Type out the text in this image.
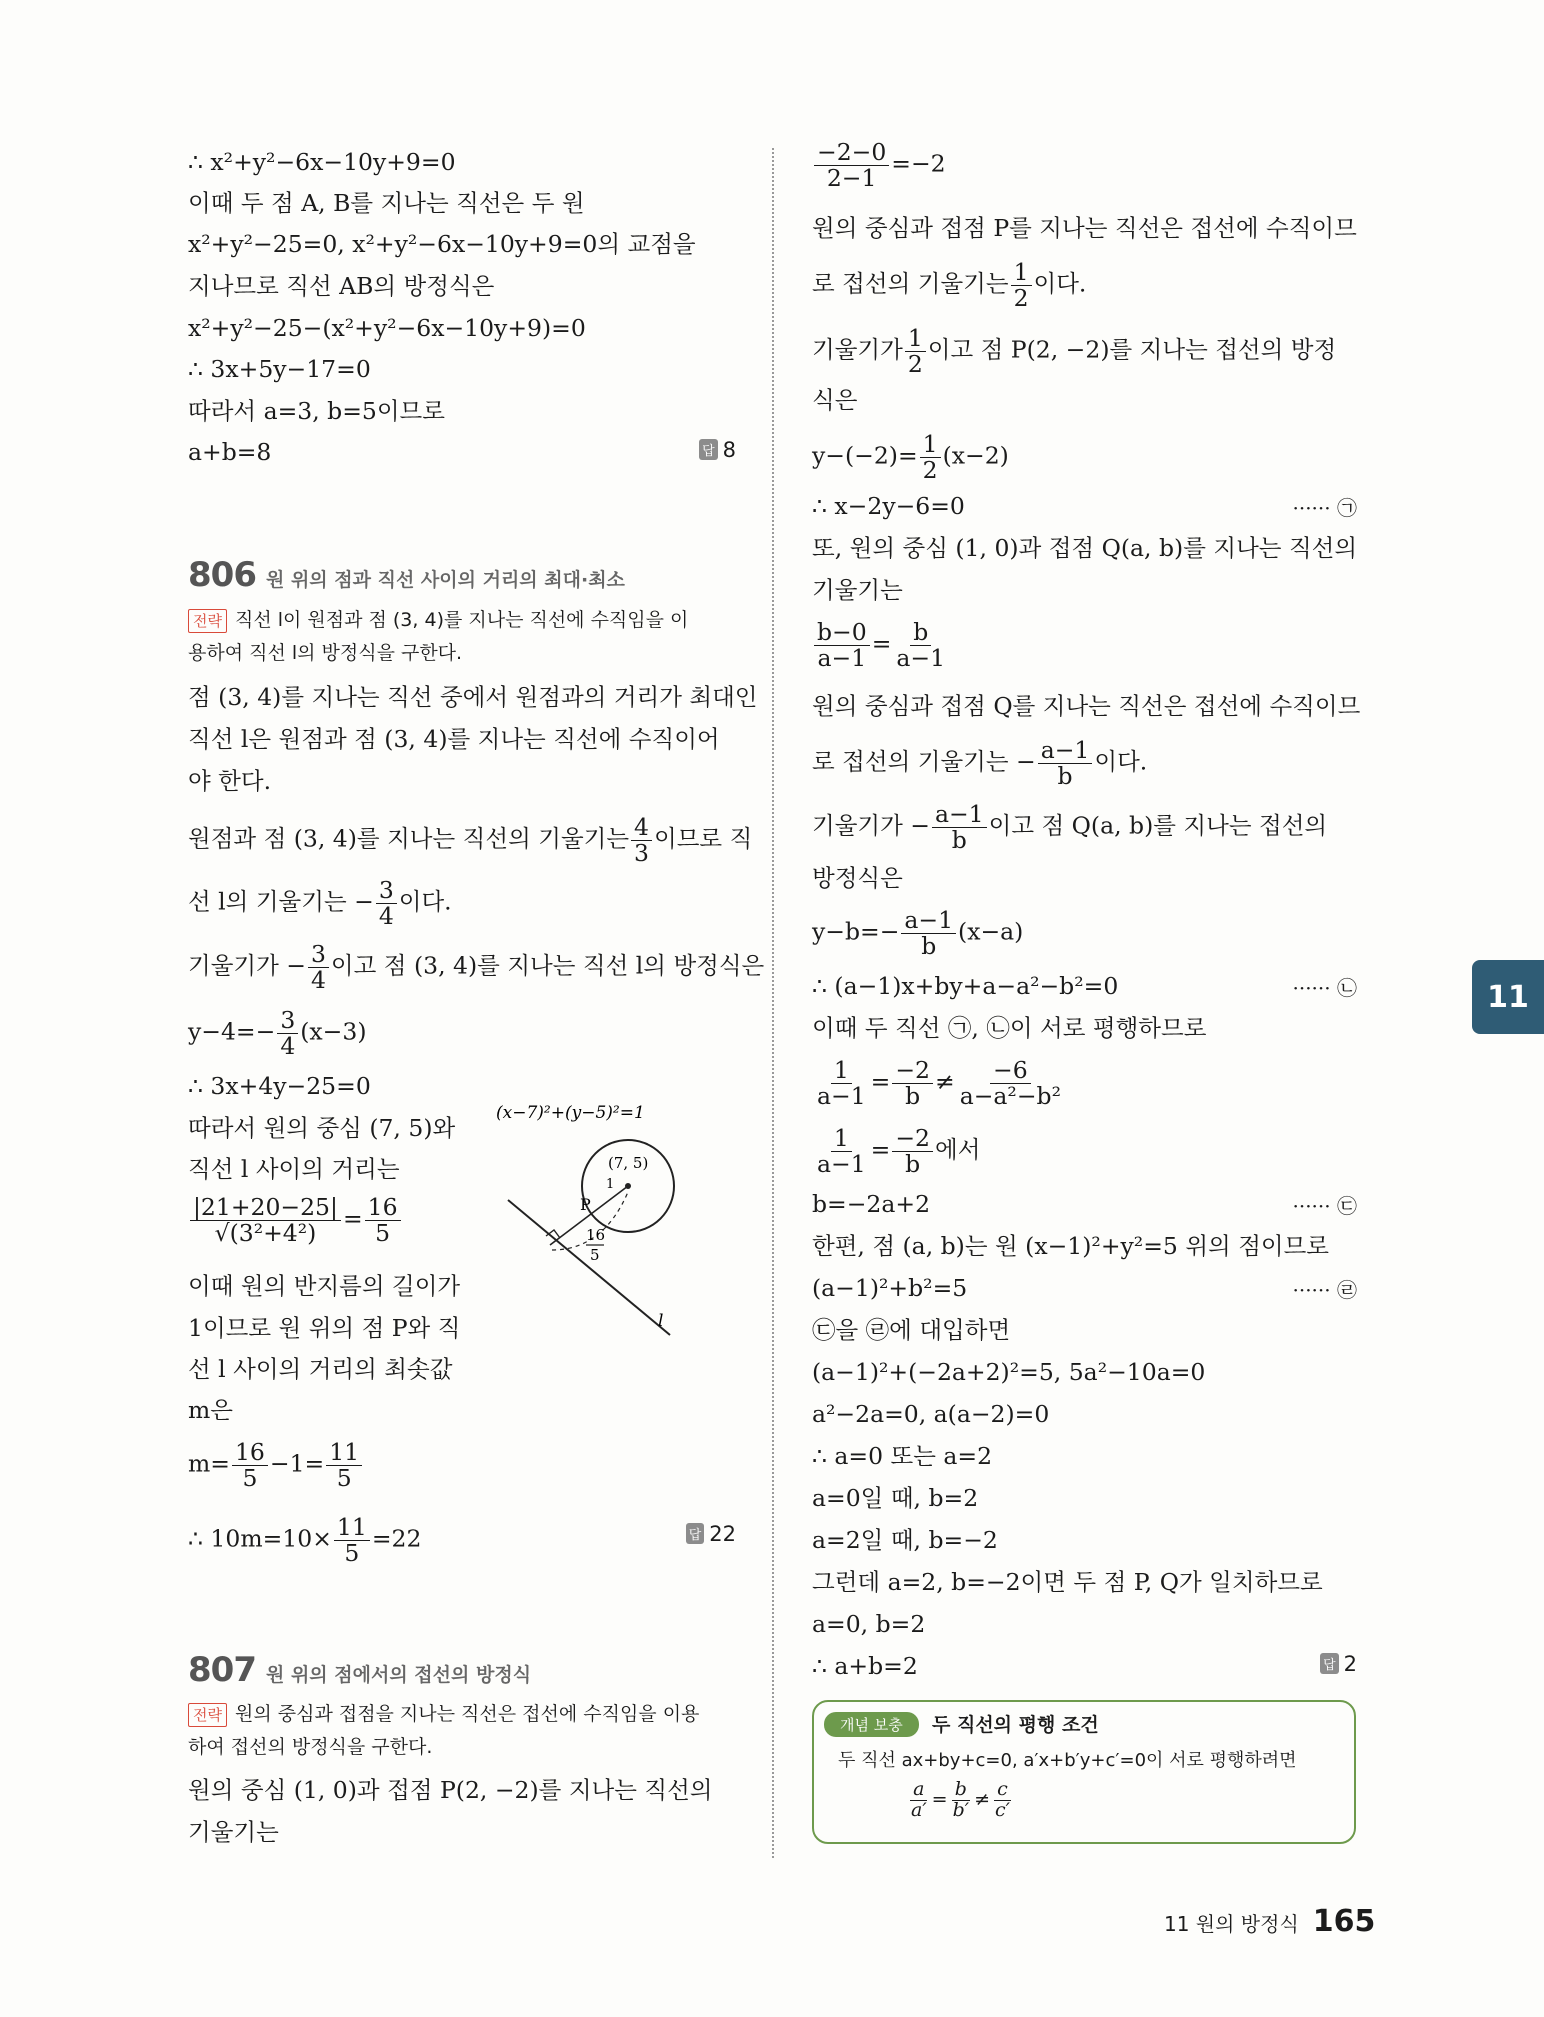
∴ x²+y²−6x−10y+9=0
이때 두 점 A, B를 지나는 직선은 두 원
x²+y²−25=0, x²+y²−6x−10y+9=0의 교점을
지나므로 직선 AB의 방정식은
x²+y²−25−(x²+y²−6x−10y+9)=0
∴ 3x+5y−17=0
따라서 a=3, b=5이므로
a+b=8	답 8
806 원 위의 점과 직선 사이의 거리의 최대·최소
전략 직선 l이 원점과 점 (3, 4)를 지나는 직선에 수직임을 이
용하여 직선 l의 방정식을 구한다.
점 (3, 4)를 지나는 직선 중에서 원점과의 거리가 최대인
직선 l은 원점과 점 (3, 4)를 지나는 직선에 수직이어
야 한다.
원점과 점 (3, 4)를 지나는 직선의 기울기는 $\frac{4}{3}$ 이므로 직
선 l의 기울기는 − $\frac{3}{4}$ 이다.
기울기가 − $\frac{3}{4}$ 이고 점 (3, 4)를 지나는 직선 l의 방정식은
$y-4=- \frac{3}{4} (x-3)$
∴ 3x+4y−25=0
따라서 원의 중심 (7, 5)와
직선 l 사이의 거리는
$\frac{|21+20-25|}{\text{√(3²+4²)}} = \frac{16}{5}$
이때 원의 반지름의 길이가
1이므로 원 위의 점 P와 직
선 l 사이의 거리의 최솟값
m은
$m= \frac{16}{5} -1= \frac{11}{5}$
∴ $10m=10\times \frac{11}{5} =22$	답 22
(x−7)²+(y−5)²=1
(7, 5)
1
P
16
5
l
807 원 위의 점에서의 접선의 방정식
전략 원의 중심과 접점을 지나는 직선은 접선에 수직임을 이용
하여 접선의 방정식을 구한다.
원의 중심 (1, 0)과 접점 P(2, −2)를 지나는 직선의
기울기는
$\frac{-2-0}{2-1} =-2$
원의 중심과 접점 P를 지나는 직선은 접선에 수직이므
로 접선의 기울기는 $\frac{1}{2}$ 이다.
기울기가 $\frac{1}{2}$ 이고 점 P(2, −2)를 지나는 접선의 방정
식은
$y-(-2)= \frac{1}{2} (x-2)$
∴ x−2y−6=0	······ ㉠
또, 원의 중심 (1, 0)과 접점 Q(a, b)를 지나는 직선의
기울기는
$\frac{b-0}{a-1} = \frac{b}{a-1}$
원의 중심과 접점 Q를 지나는 직선은 접선에 수직이므
로 접선의 기울기는 − $\frac{a-1}{b}$ 이다.
기울기가 − $\frac{a-1}{b}$ 이고 점 Q(a, b)를 지나는 접선의
방정식은
$y-b=- \frac{a-1}{b} (x-a)$
∴ (a−1)x+by+a−a²−b²=0	······ ㉡
이때 두 직선 ㉠, ㉡이 서로 평행하므로
$\frac{1}{a-1} = \frac{-2}{b} \ne \frac{-6}{\text{a−a²−b²}}$
$\frac{1}{a-1} = \frac{-2}{b}$ 에서
b=−2a+2	······ ㉢
한편, 점 (a, b)는 원 (x−1)²+y²=5 위의 점이므로
(a−1)²+b²=5	······ ㉣
㉢을 ㉣에 대입하면
(a−1)²+(−2a+2)²=5, 5a²−10a=0
a²−2a=0, a(a−2)=0
∴ a=0 또는 a=2
a=0일 때, b=2
a=2일 때, b=−2
그런데 a=2, b=−2이면 두 점 P, Q가 일치하므로
a=0, b=2
∴ a+b=2	답 2
개념 보충	두 직선의 평행 조건
두 직선 ax+by+c=0, a′x+b′y+c′=0이 서로 평행하려면
$\frac{a}{a'} = \frac{b}{b'} \ne \frac{c}{c'}$
11
11 원의 방정식 165
